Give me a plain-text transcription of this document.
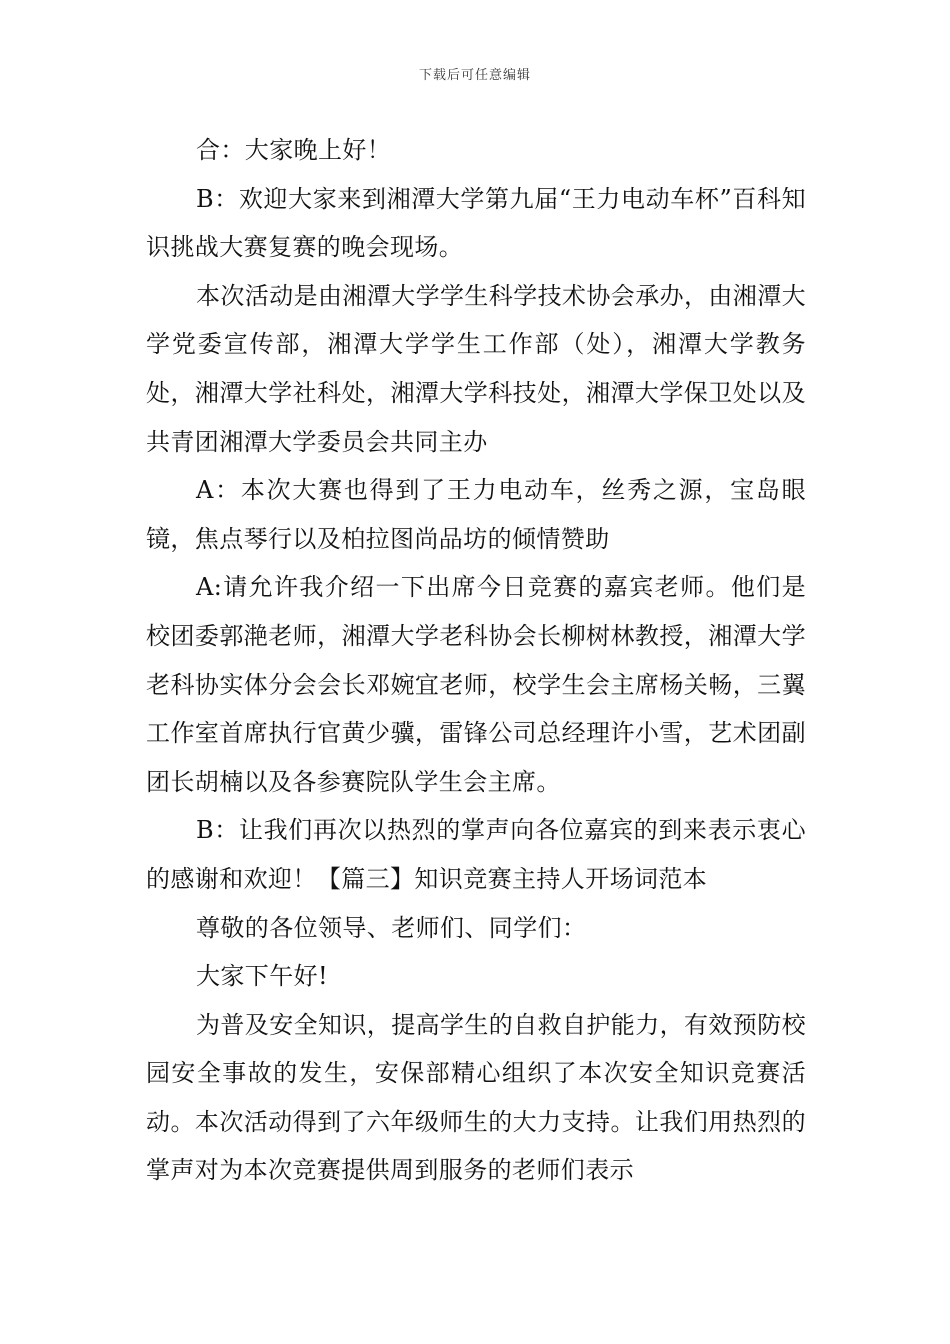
下载后可任意编辑

合：大家晚上好！

B：欢迎大家来到湘潭大学第九届“王力电动车杯”百科知识挑战大赛复赛的晚会现场。

本次活动是由湘潭大学学生科学技术协会承办，由湘潭大学党委宣传部，湘潭大学学生工作部（处），湘潭大学教务处，湘潭大学社科处，湘潭大学科技处，湘潭大学保卫处以及共青团湘潭大学委员会共同主办

A：本次大赛也得到了王力电动车，丝秀之源，宝岛眼镜，焦点琴行以及柏拉图尚品坊的倾情赞助

A:请允许我介绍一下出席今日竞赛的嘉宾老师。他们是校团委郭滟老师，湘潭大学老科协会长柳树林教授，湘潭大学老科协实体分会会长邓婉宜老师，校学生会主席杨关畅，三翼工作室首席执行官黄少骥，雷锋公司总经理许小雪，艺术团副团长胡楠以及各参赛院队学生会主席。

B：让我们再次以热烈的掌声向各位嘉宾的到来表示衷心的感谢和欢迎！【篇三】知识竞赛主持人开场词范本

尊敬的各位领导、老师们、同学们：

大家下午好!

为普及安全知识，提高学生的自救自护能力，有效预防校园安全事故的发生，安保部精心组织了本次安全知识竞赛活动。本次活动得到了六年级师生的大力支持。让我们用热烈的掌声对为本次竞赛提供周到服务的老师们表示
